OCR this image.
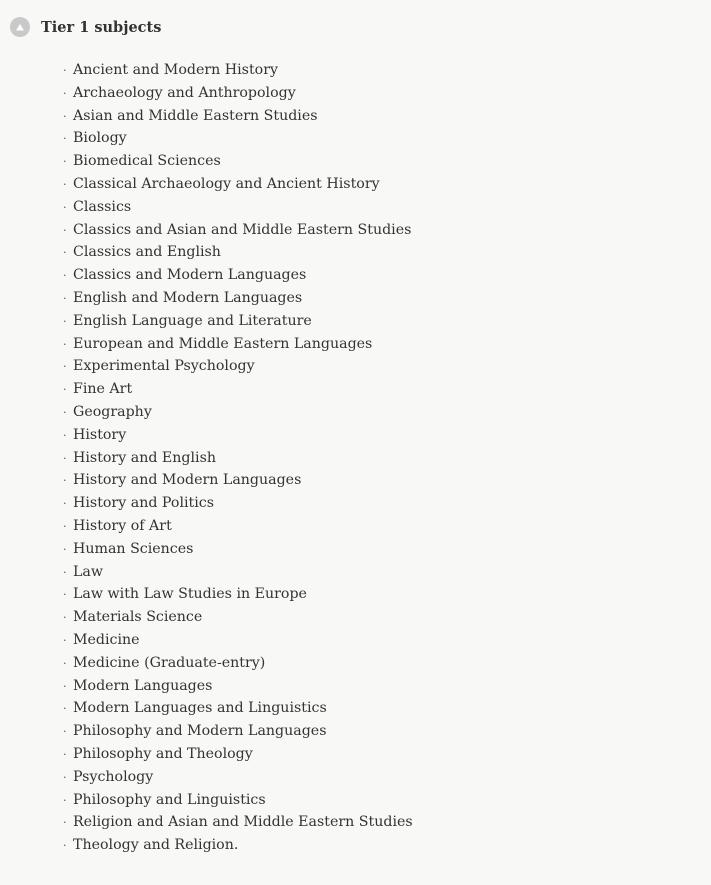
Tier 1 subjects
· Ancient and Modern History
· Archaeology and Anthropology
· Asian and Middle Eastern Studies
· Biology
· Biomedical Sciences
· Classical Archaeology and Ancient History
· Classics
· Classics and Asian and Middle Eastern Studies
· Classics and English
· Classics and Modern Languages
· English and Modern Languages
· English Language and Literature
· European and Middle Eastern Languages
· Experimental Psychology
· Fine Art
· Geography
· History
· History and English
· History and Modern Languages
· History and Politics
· History of Art
· Human Sciences
· Law
· Law with Law Studies in Europe
· Materials Science
· Medicine
· Medicine (Graduate-entry)
· Modern Languages
· Modern Languages and Linguistics
· Philosophy and Modern Languages
· Philosophy and Theology
· Psychology
· Philosophy and Linguistics
· Religion and Asian and Middle Eastern Studies
· Theology and Religion.
